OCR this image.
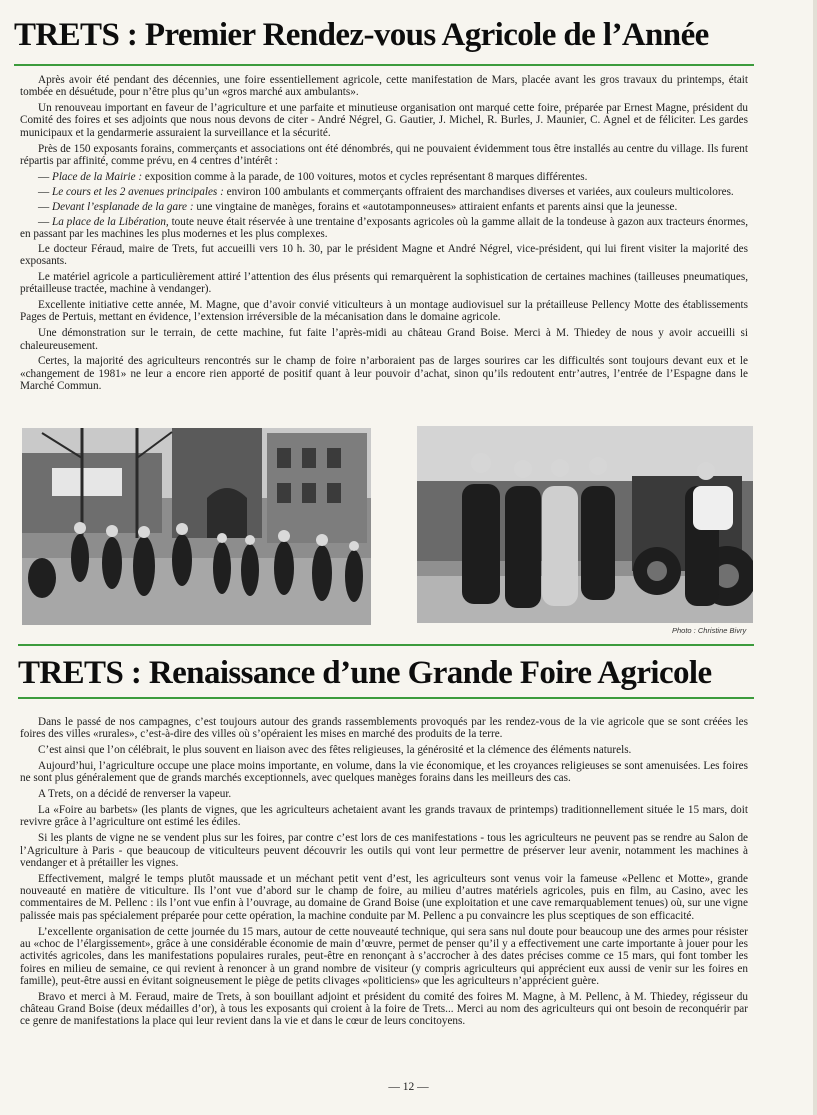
TRETS : Premier Rendez-vous Agricole de l’Année

Après avoir été pendant des décennies, une foire essentiellement agricole, cette manifestation de Mars, placée avant les gros travaux du printemps, était tombée en désuétude, pour n’être plus qu’un «gros marché aux ambulants».

Un renouveau important en faveur de l’agriculture et une parfaite et minutieuse organisation ont marqué cette foire, préparée par Ernest Magne, président du Comité des foires et ses adjoints que nous nous devons de citer - André Négrel, G. Gautier, J. Michel, R. Burles, J. Maunier, C. Agnel et de féliciter. Les gardes municipaux et la gendarmerie assuraient la surveillance et la sécurité.

Près de 150 exposants forains, commerçants et associations ont été dénombrés, qui ne pouvaient évidemment tous être installés au centre du village. Ils furent répartis par affinité, comme prévu, en 4 centres d’intérêt :

— Place de la Mairie : exposition comme à la parade, de 100 voitures, motos et cycles représentant 8 marques différentes.

— Le cours et les 2 avenues principales : environ 100 ambulants et commerçants offraient des marchandises diverses et variées, aux couleurs multicolores.

— Devant l’esplanade de la gare : une vingtaine de manèges, forains et «autotamponneuses» attiraient enfants et parents ainsi que la jeunesse.

— La place de la Libération, toute neuve était réservée à une trentaine d’exposants agricoles où la gamme allait de la tondeuse à gazon aux tracteurs énormes, en passant par les machines les plus modernes et les plus complexes.

Le docteur Féraud, maire de Trets, fut accueilli vers 10 h. 30, par le président Magne et André Négrel, vice-président, qui lui firent visiter la majorité des exposants.

Le matériel agricole a particulièrement attiré l’attention des élus présents qui remarquèrent la sophistication de certaines machines (tailleuses pneumatiques, prétailleuse tractée, machine à vendanger).

Excellente initiative cette année, M. Magne, que d’avoir convié viticulteurs à un montage audiovisuel sur la prétailleuse Pellency Motte des établissements Pages de Pertuis, mettant en évidence, l’extension irréversible de la mécanisation dans le domaine agricole.

Une démonstration sur le terrain, de cette machine, fut faite l’après-midi au château Grand Boise. Merci à M. Thiedey de nous y avoir accueilli si chaleureusement.

Certes, la majorité des agriculteurs rencontrés sur le champ de foire n’arboraient pas de larges sourires car les difficultés sont toujours devant eux et le «changement de 1981» ne leur a encore rien apporté de positif quant à leur pouvoir d’achat, sinon qu’ils redoutent entr’autres, l’entrée de l’Espagne dans le Marché Commun.

Photo : Christine Bivry
TRETS : Renaissance d’une Grande Foire Agricole

Dans le passé de nos campagnes, c’est toujours autour des grands rassemblements provoqués par les rendez-vous de la vie agricole que se sont créées les foires des villes «rurales», c’est-à-dire des villes où s’opéraient les mises en marché des produits de la terre.

C’est ainsi que l’on célébrait, le plus souvent en liaison avec des fêtes religieuses, la générosité et la clémence des éléments naturels.

Aujourd’hui, l’agriculture occupe une place moins importante, en volume, dans la vie économique, et les croyances religieuses se sont amenuisées. Les foires ne sont plus généralement que de grands marchés exceptionnels, avec quelques manèges forains dans les meilleurs des cas.

A Trets, on a décidé de renverser la vapeur.

La «Foire au barbets» (les plants de vignes, que les agriculteurs achetaient avant les grands travaux de printemps) traditionnellement située le 15 mars, doit revivre grâce à l’agriculture ont estimé les édiles.

Si les plants de vigne ne se vendent plus sur les foires, par contre c’est lors de ces manifestations - tous les agriculteurs ne peuvent pas se rendre au Salon de l’Agriculture à Paris - que beaucoup de viticulteurs peuvent découvrir les outils qui vont leur permettre de préserver leur avenir, notamment les machines à vendanger et à prétailler les vignes.

Effectivement, malgré le temps plutôt maussade et un méchant petit vent d’est, les agriculteurs sont venus voir la fameuse «Pellenc et Motte», grande nouveauté en matière de viticulture. Ils l’ont vue d’abord sur le champ de foire, au milieu d’autres matériels agricoles, puis en film, au Casino, avec les commentaires de M. Pellenc : ils l’ont vue enfin à l’ouvrage, au domaine de Grand Boise (une exploitation et une cave remarquablement tenues) où, sur une vigne palissée mais pas spécialement préparée pour cette opération, la machine conduite par M. Pellenc a pu convaincre les plus sceptiques de son efficacité.

L’excellente organisation de cette journée du 15 mars, autour de cette nouveauté technique, qui sera sans nul doute pour beaucoup une des armes pour résister au «choc de l’élargissement», grâce à une considérable économie de main d’œuvre, permet de penser qu’il y a effectivement une carte importante à jouer pour les activités agricoles, dans les manifestations populaires rurales, peut-être en renonçant à s’accrocher à des dates précises comme ce 15 mars, qui font tomber les foires en milieu de semaine, ce qui revient à renoncer à un grand nombre de visiteur (y compris agriculteurs qui apprécient eux aussi de venir sur les foires en famille), peut-être aussi en évitant soigneusement le piège de petits clivages «politiciens» que les agriculteurs n’apprécient guère.

Bravo et merci à M. Feraud, maire de Trets, à son bouillant adjoint et président du comité des foires M. Magne, à M. Pellenc, à M. Thiedey, régisseur du château Grand Boise (deux médailles d’or), à tous les exposants qui croient à la foire de Trets... Merci au nom des agriculteurs qui ont besoin de reconquérir par ce genre de manifestations la place qui leur revient dans la vie et dans le cœur de leurs concitoyens.

— 12 —
